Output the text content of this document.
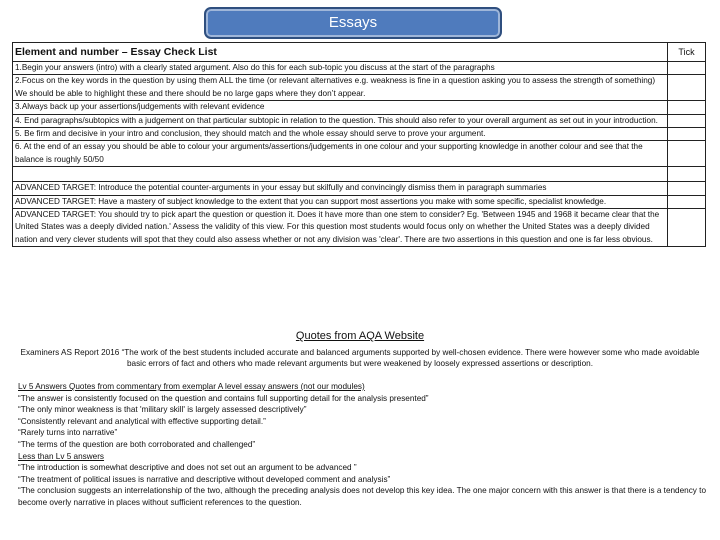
Essays
Element and number – Essay Check List	Tick
1.Begin your answers (intro) with a clearly stated argument. Also do this for each sub-topic you discuss at the start of the paragraphs	
2.Focus on the key words in the question by using them ALL the time (or relevant alternatives e.g. weakness is fine in a question asking you to assess the strength of something) We should be able to highlight these and there should be no large gaps where they don’t appear.	
3.Always back up your assertions/judgements with relevant evidence	
4. End paragraphs/subtopics with a judgement on that particular subtopic in relation to the question. This should also refer to your overall argument as set out in your introduction.	
5. Be firm and decisive in your intro and conclusion, they should match and the whole essay should serve to prove your argument.	
6. At the end of an essay you should be able to colour your arguments/assertions/judgements in one colour and your supporting knowledge in another colour and see that the balance is roughly 50/50	

ADVANCED TARGET: Introduce the potential counter-arguments in your essay but skilfully and convincingly dismiss them in paragraph summaries	
ADVANCED TARGET: Have a mastery of subject knowledge to the extent that you can support most assertions you make with some specific, specialist knowledge.	
ADVANCED TARGET: You should try to pick apart the question or question it. Does it have more than one stem to consider? Eg. 'Between 1945 and 1968 it became clear that the United States was a deeply divided nation.' Assess the validity of this view. For this question most students would focus only on whether the United States was a deeply divided nation and very clever students will spot that they could also assess whether or not any division was 'clear'. There are two assertions in this question and one is far less obvious.	
Quotes from AQA Website
Examiners AS Report 2016 “The work of the best students included accurate and balanced arguments supported by well-chosen evidence. There were however some who made avoidable basic errors of fact and others who made relevant arguments but were weakened by loosely expressed assertions or description.
Lv 5 Answers Quotes from commentary from exemplar A level essay answers (not our modules)
“The answer is consistently focused on the question and contains full supporting detail for the analysis presented”
“The only minor weakness is that 'military skill' is largely assessed descriptively”
“Consistently relevant and analytical with effective supporting detail.”
“Rarely turns into narrative”
“The terms of the question are both corroborated and challenged”
Less than Lv 5 answers
“The introduction is somewhat descriptive and does not set out an argument to be advanced ”
“The treatment of political issues is narrative and descriptive without developed comment and analysis”
“The conclusion suggests an interrelationship of the two, although the preceding analysis does not develop this key idea. The one major concern with this answer is that there is a tendency to become overly narrative in places without sufficient references to the question.
